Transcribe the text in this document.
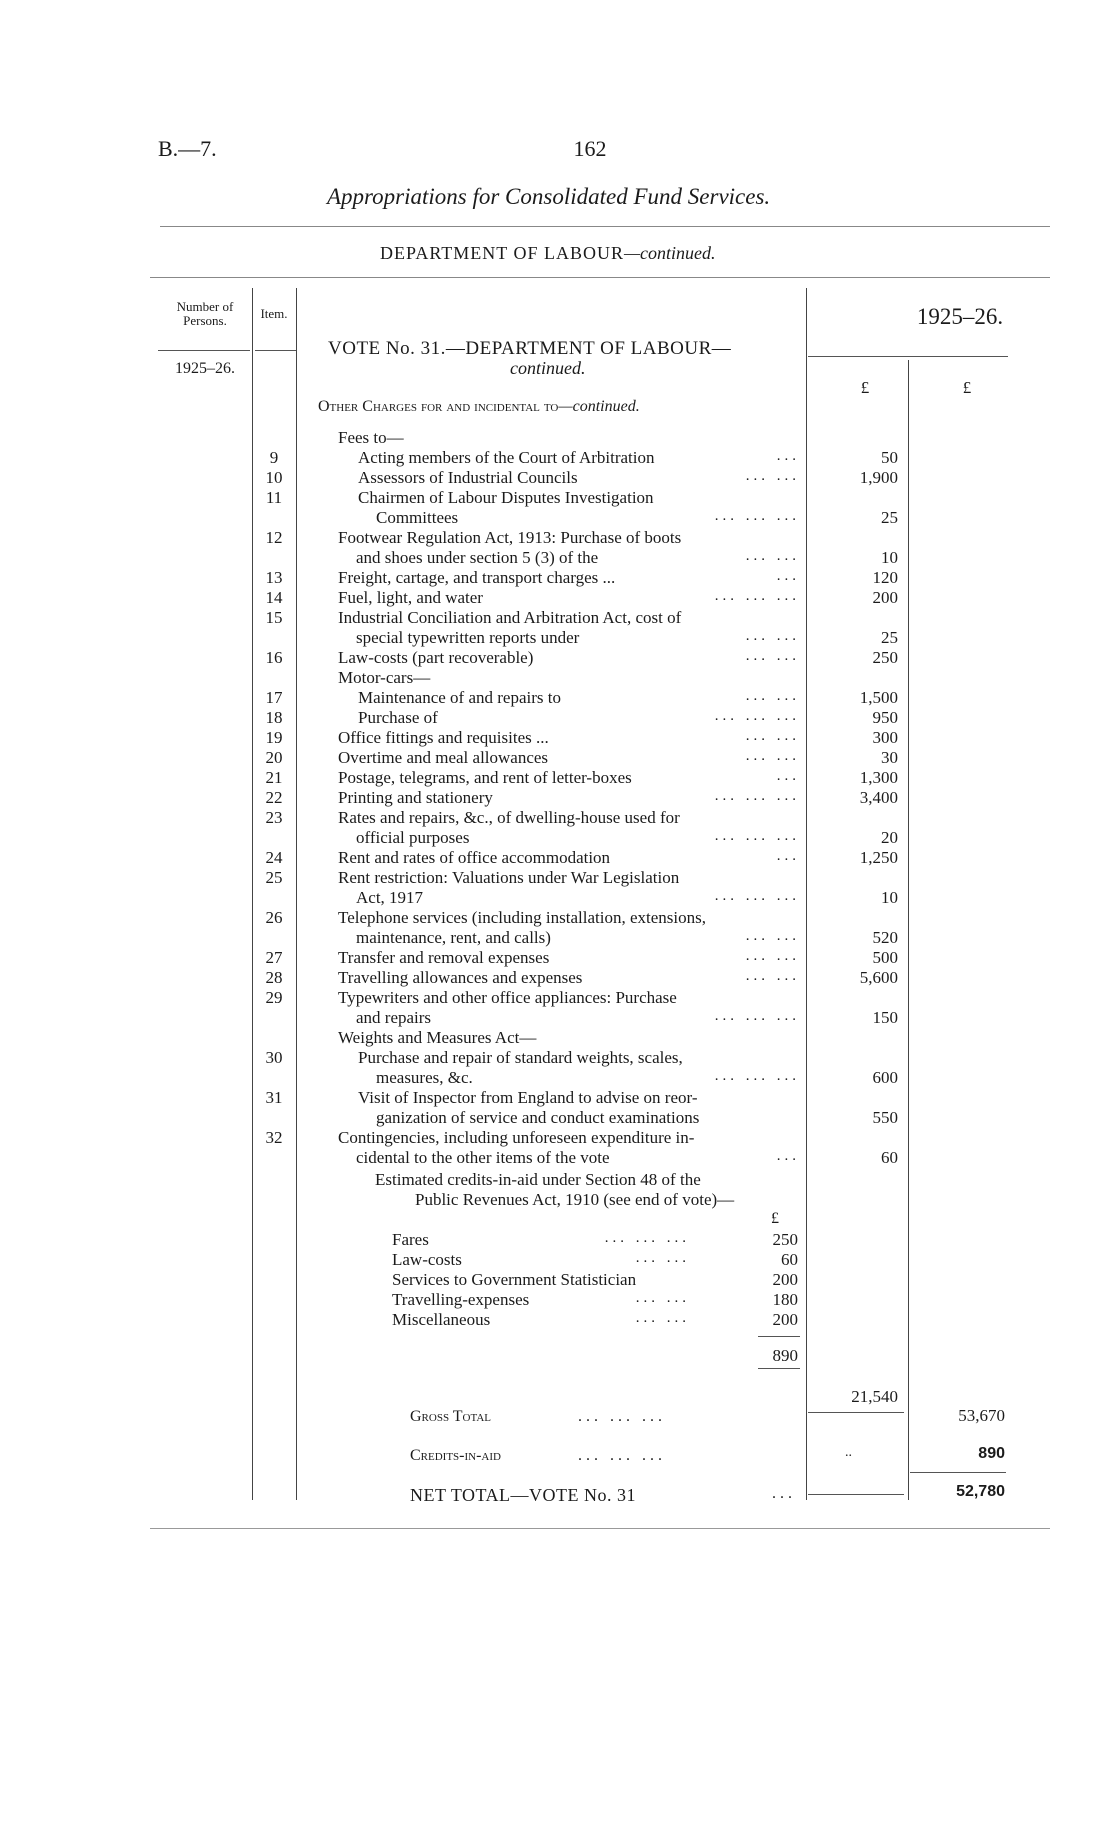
B.—7.	162
Appropriations for Consolidated Fund Services.
DEPARTMENT OF LABOUR—continued.
Number of Persons.	Item.	1925–26.
1925–26.
£	£
VOTE No. 31.—DEPARTMENT OF LABOUR—
continued.
Other Charges for and incidental to—continued.
Fees to—
9	Acting members of the Court of Arbitration	...	50
10	Assessors of Industrial Councils	... ...	1,900
11	Chairmen of Labour Disputes Investigation
Committees	... ... ...	25
12	Footwear Regulation Act, 1913: Purchase of boots
and shoes under section 5 (3) of the	... ...	10
13	Freight, cartage, and transport charges ...	...	120
14	Fuel, light, and water	... ... ...	200
15	Industrial Conciliation and Arbitration Act, cost of
special typewritten reports under	... ...	25
16	Law-costs (part recoverable)	... ...	250
Motor-cars—
17	Maintenance of and repairs to	... ...	1,500
18	Purchase of	... ... ...	950
19	Office fittings and requisites ...	... ...	300
20	Overtime and meal allowances	... ...	30
21	Postage, telegrams, and rent of letter-boxes	...	1,300
22	Printing and stationery	... ... ...	3,400
23	Rates and repairs, &c., of dwelling-house used for
official purposes	... ... ...	20
24	Rent and rates of office accommodation	...	1,250
25	Rent restriction: Valuations under War Legislation
Act, 1917	... ... ...	10
26	Telephone services (including installation, extensions,
maintenance, rent, and calls)	... ...	520
27	Transfer and removal expenses	... ...	500
28	Travelling allowances and expenses	... ...	5,600
29	Typewriters and other office appliances: Purchase
and repairs	... ... ...	150
Weights and Measures Act—
30	Purchase and repair of standard weights, scales,
measures, &c.	... ... ...	600
31	Visit of Inspector from England to advise on reor-
ganization of service and conduct examinations	550
32	Contingencies, including unforeseen expenditure in-
cidental to the other items of the vote	...	60
Estimated credits-in-aid under Section 48 of the
Public Revenues Act, 1910 (see end of vote)—
£
Fares	... ... ...	250
Law-costs	... ...	60
Services to Government Statistician	200
Travelling-expenses	... ...	180
Miscellaneous	... ...	200
890
21,540
Gross Total	... ... ...	53,670
Credits-in-aid	... ... ...	..	890
NET TOTAL—VOTE No. 31	...	52,780
